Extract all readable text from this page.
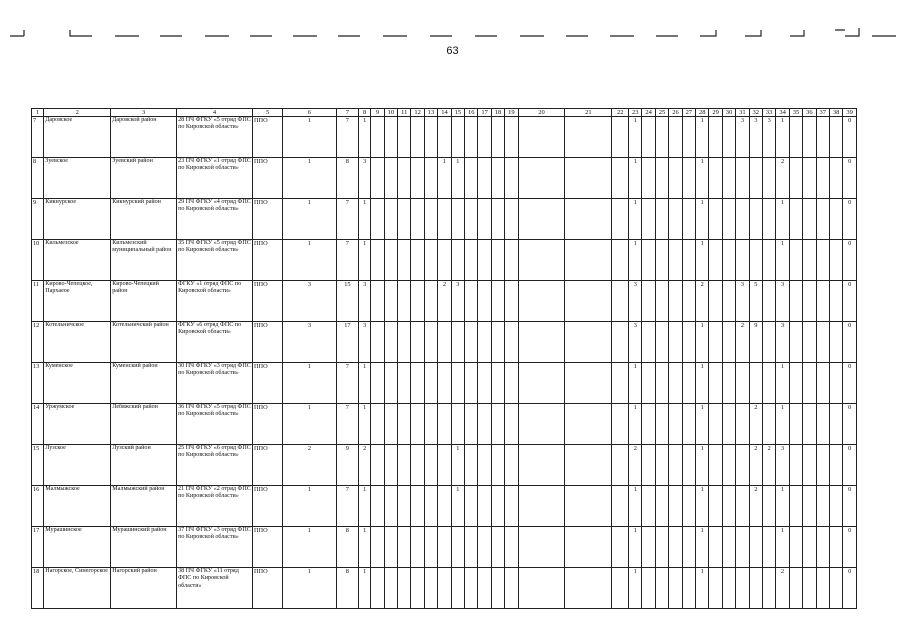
63
1	2	3	4	5	6	7	8	9	10	11	12	13	14	15	16	17	18	19	20	21	22	23	24	25	26	27	28	29	30	31	32	33	34	35	36	37	38	39
7	Даровское	Даровской район	28 ПЧ ФГКУ «5 отряд ФПС по Кировской области»	ППО	1	7	1															1					1			3	3	3	1					0
8	Зуевское	Зуевский район	23 ПЧ ФГКУ «1 отряд ФПС по Кировской области»	ППО	1	8	3						1	1								1					1						2					0
9	Кикнурское	Кикнурский район	29 ПЧ ФГКУ «4 отряд ФПС по Кировской области»	ППО	1	7	1															1					1						1					0
10	Кильмезское	Кильмезский муниципальный район	35 ПЧ ФГКУ «5 отряд ФПС по Кировской области»	ППО	1	7	1															1					1						1					0
11	Кирово-Чепецкое, Пархаеое	Кирово-Чепецкий район	ФГКУ «1 отряд ФПС по Кировской области»	ППО	3	15	3						2	3								3					2			3	5		3					0
12	Котельничское	Котельничский район	ФГКУ «6 отряд ФПС по Кировской области»	ППО	3	17	3															3					1			2	9		3					0
13	Куменское	Куменский район	30 ПЧ ФГКУ «3 отряд ФПС по Кировской области»	ППО	1	7	1															1					1						1					0
14	Уржумское	Лебяжский район	36 ПЧ ФГКУ «5 отряд ФПС по Кировской области»	ППО	1	7	1															1					1				2		1					0
15	Лузское	Лузский район	25 ПЧ ФГКУ «6 отряд ФПС по Кировской области»	ППО	2	9	2							1								2					1				2	2	3					0
16	Малмыжское	Малмыжский район	21 ПЧ ФГКУ «2 отряд ФПС по Кировской области»	ППО	1	7	1							1								1					1				2		1					0
17	Мурашинское	Мурашинский район	37 ПЧ ФГКУ «3 отряд ФПС по Кировской области»	ППО	1	8	1															1					1						1					0
18	Нагорское, Синегорское	Нагорский район	38 ПЧ ФГКУ «11 отряд ФПС по Кировской области»	ППО	1	8	1															1					1						2					0
